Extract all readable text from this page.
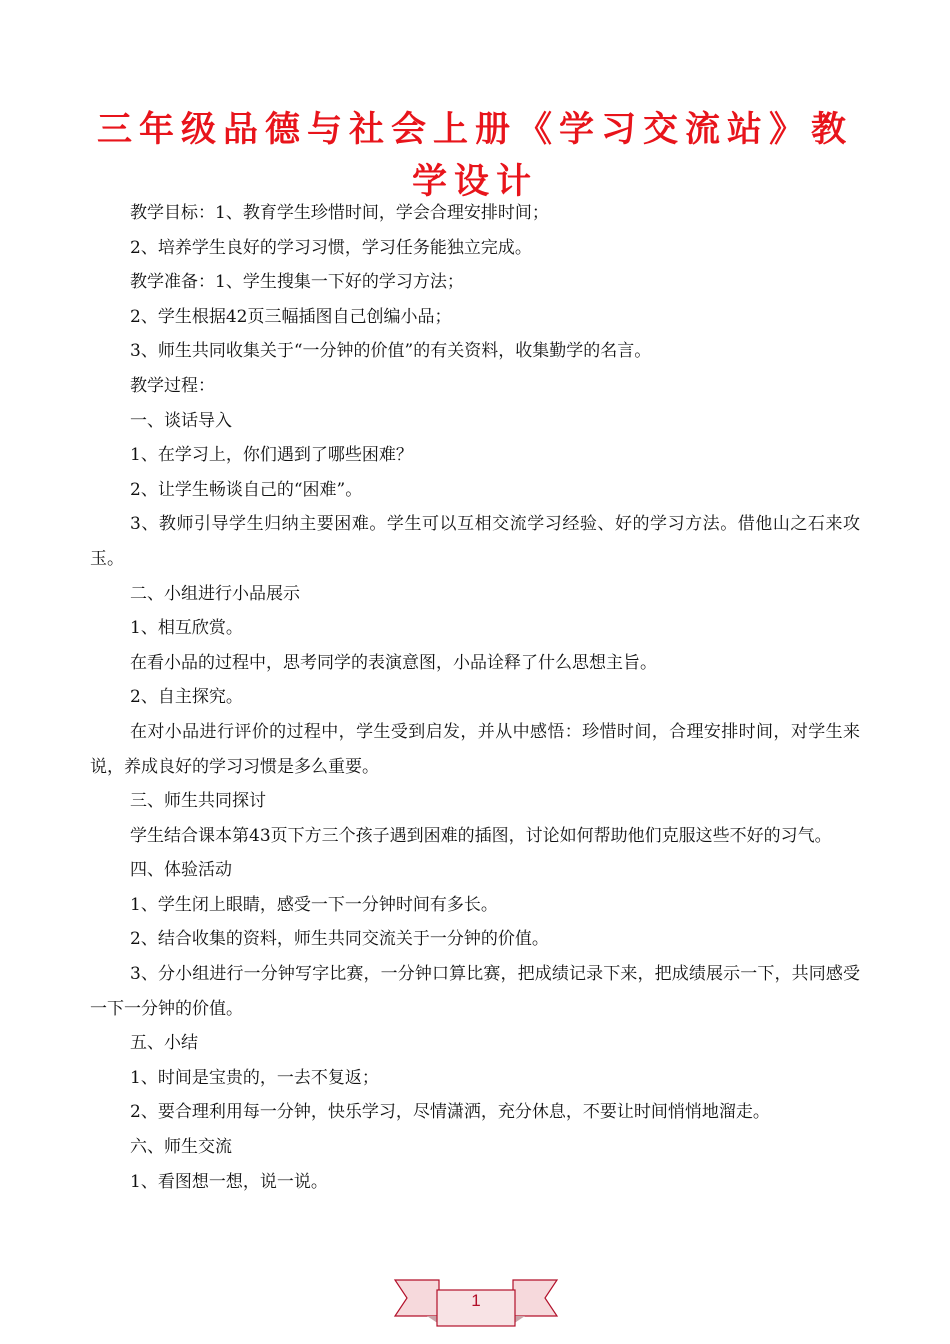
三年级品德与社会上册《学习交流站》教学设计

教学目标：1、教育学生珍惜时间，学会合理安排时间；

2、培养学生良好的学习习惯，学习任务能独立完成。

教学准备：1、学生搜集一下好的学习方法；

2、学生根据42页三幅插图自己创编小品；

3、师生共同收集关于“一分钟的价值”的有关资料，收集勤学的名言。

教学过程：

一、谈话导入

1、在学习上，你们遇到了哪些困难？

2、让学生畅谈自己的“困难”。

3、教师引导学生归纳主要困难。学生可以互相交流学习经验、好的学习方法。借他山之石来攻玉。

二、小组进行小品展示

1、相互欣赏。

在看小品的过程中，思考同学的表演意图，小品诠释了什么思想主旨。

2、自主探究。

在对小品进行评价的过程中，学生受到启发，并从中感悟：珍惜时间，合理安排时间，对学生来说，养成良好的学习习惯是多么重要。

三、师生共同探讨

学生结合课本第43页下方三个孩子遇到困难的插图，讨论如何帮助他们克服这些不好的习气。

四、体验活动

1、学生闭上眼睛，感受一下一分钟时间有多长。

2、结合收集的资料，师生共同交流关于一分钟的价值。

3、分小组进行一分钟写字比赛，一分钟口算比赛，把成绩记录下来，把成绩展示一下，共同感受一下一分钟的价值。

五、小结

1、时间是宝贵的，一去不复返；

2、要合理利用每一分钟，快乐学习，尽情潇洒，充分休息，不要让时间悄悄地溜走。

六、师生交流

1、看图想一想，说一说。

1
